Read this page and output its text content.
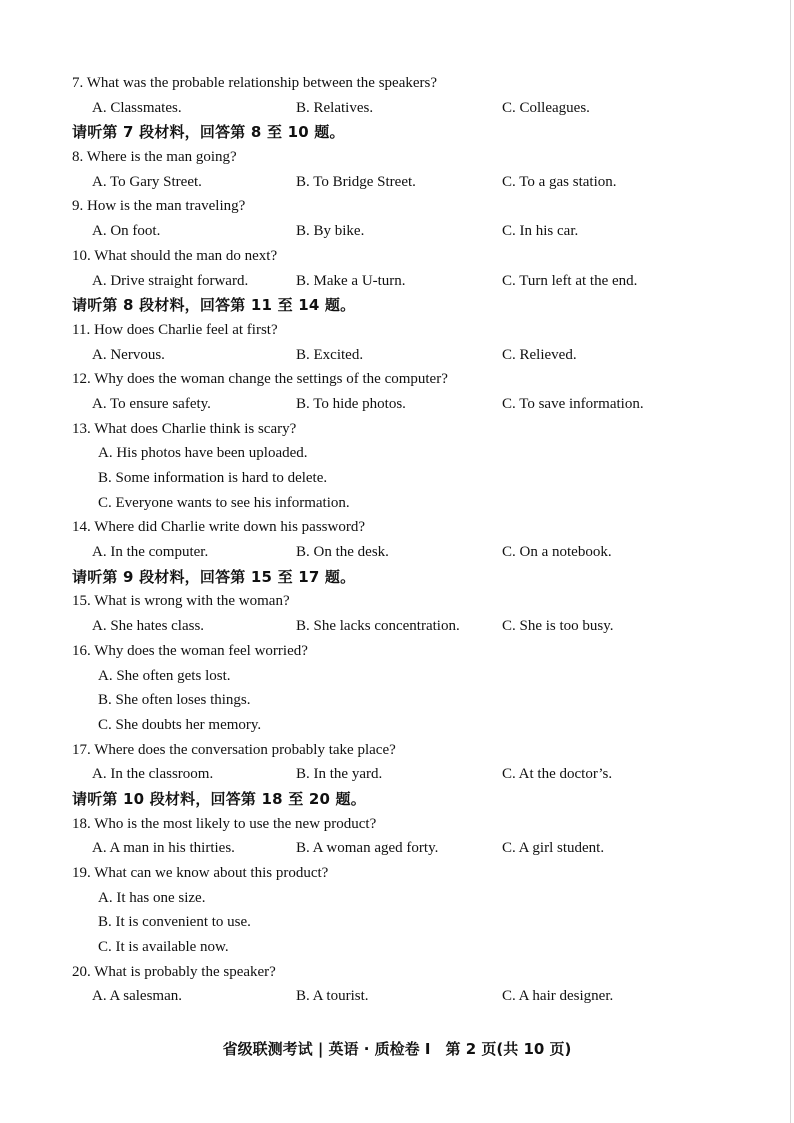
7. What was the probable relationship between the speakers?
A. Classmates.	B. Relatives.	C. Colleagues.
请听第 7 段材料，回答第 8 至 10 题。
8. Where is the man going?
A. To Gary Street.	B. To Bridge Street.	C. To a gas station.
9. How is the man traveling?
A. On foot.	B. By bike.	C. In his car.
10. What should the man do next?
A. Drive straight forward.	B. Make a U-turn.	C. Turn left at the end.
请听第 8 段材料，回答第 11 至 14 题。
11. How does Charlie feel at first?
A. Nervous.	B. Excited.	C. Relieved.
12. Why does the woman change the settings of the computer?
A. To ensure safety.	B. To hide photos.	C. To save information.
13. What does Charlie think is scary?
A. His photos have been uploaded.
B. Some information is hard to delete.
C. Everyone wants to see his information.
14. Where did Charlie write down his password?
A. In the computer.	B. On the desk.	C. On a notebook.
请听第 9 段材料，回答第 15 至 17 题。
15. What is wrong with the woman?
A. She hates class.	B. She lacks concentration.	C. She is too busy.
16. Why does the woman feel worried?
A. She often gets lost.
B. She often loses things.
C. She doubts her memory.
17. Where does the conversation probably take place?
A. In the classroom.	B. In the yard.	C. At the doctor’s.
请听第 10 段材料，回答第 18 至 20 题。
18. Who is the most likely to use the new product?
A. A man in his thirties.	B. A woman aged forty.	C. A girl student.
19. What can we know about this product?
A. It has one size.
B. It is convenient to use.
C. It is available now.
20. What is probably the speaker?
A. A salesman.	B. A tourist.	C. A hair designer.
省级联测考试 | 英语 · 质检卷 Ⅰ　第 2 页(共 10 页)
